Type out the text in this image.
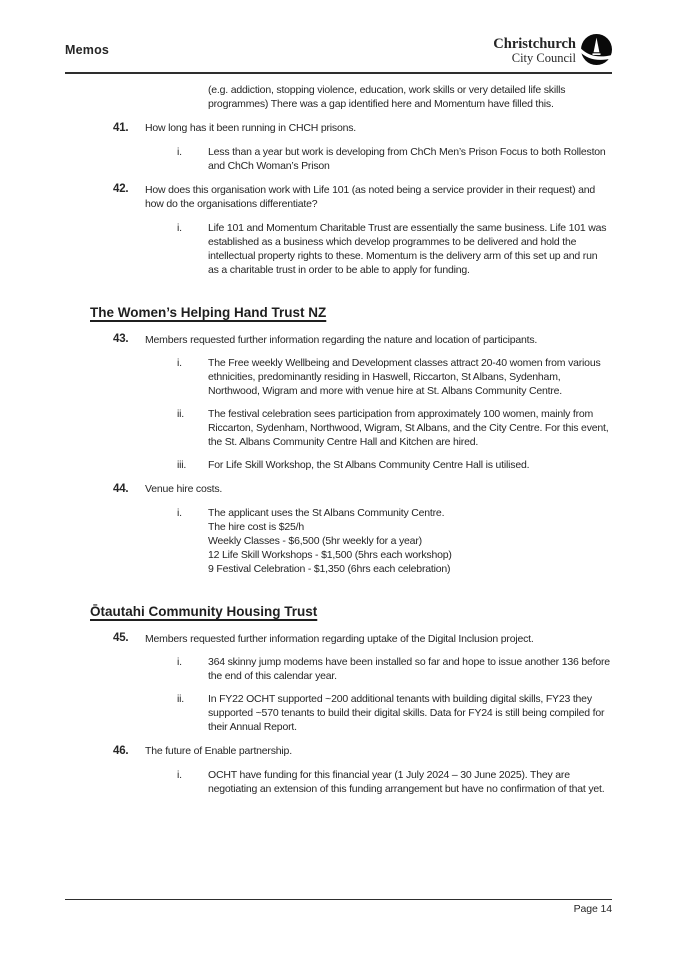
Memos	Christchurch
City Council
(e.g. addiction, stopping violence, education, work skills or very detailed life skills programmes) There was a gap identified here and Momentum have filled this.
41. How long has it been running in CHCH prisons.
i. Less than a year but work is developing from ChCh Men’s Prison Focus to both Rolleston and ChCh Woman’s Prison
42. How does this organisation work with Life 101 (as noted being a service provider in their request) and how do the organisations differentiate?
i. Life 101 and Momentum Charitable Trust are essentially the same business. Life 101 was established as a business which develop programmes to be delivered and hold the intellectual property rights to these. Momentum is the delivery arm of this set up and run as a charitable trust in order to be able to apply for funding.
The Women’s Helping Hand Trust NZ
43. Members requested further information regarding the nature and location of participants.
i. The Free weekly Wellbeing and Development classes attract 20-40 women from various ethnicities, predominantly residing in Haswell, Riccarton, St Albans, Sydenham, Northwood, Wigram and more with venue hire at St. Albans Community Centre.
ii. The festival celebration sees participation from approximately 100 women, mainly from Riccarton, Sydenham, Northwood, Wigram, St Albans, and the City Centre. For this event, the St. Albans Community Centre Hall and Kitchen are hired.
iii. For Life Skill Workshop, the St Albans Community Centre Hall is utilised.
44. Venue hire costs.
i. The applicant uses the St Albans Community Centre.
The hire cost is $25/h
Weekly Classes - $6,500 (5hr weekly for a year)
12 Life Skill Workshops - $1,500 (5hrs each workshop)
9 Festival Celebration - $1,350 (6hrs each celebration)
Ōtautahi Community Housing Trust
45. Members requested further information regarding uptake of the Digital Inclusion project.
i. 364 skinny jump modems have been installed so far and hope to issue another 136 before the end of this calendar year.
ii. In FY22 OCHT supported ~200 additional tenants with building digital skills, FY23 they supported ~570 tenants to build their digital skills. Data for FY24 is still being compiled for their Annual Report.
46. The future of Enable partnership.
i. OCHT have funding for this financial year (1 July 2024 – 30 June 2025). They are negotiating an extension of this funding arrangement but have no confirmation of that yet.
Page 14
